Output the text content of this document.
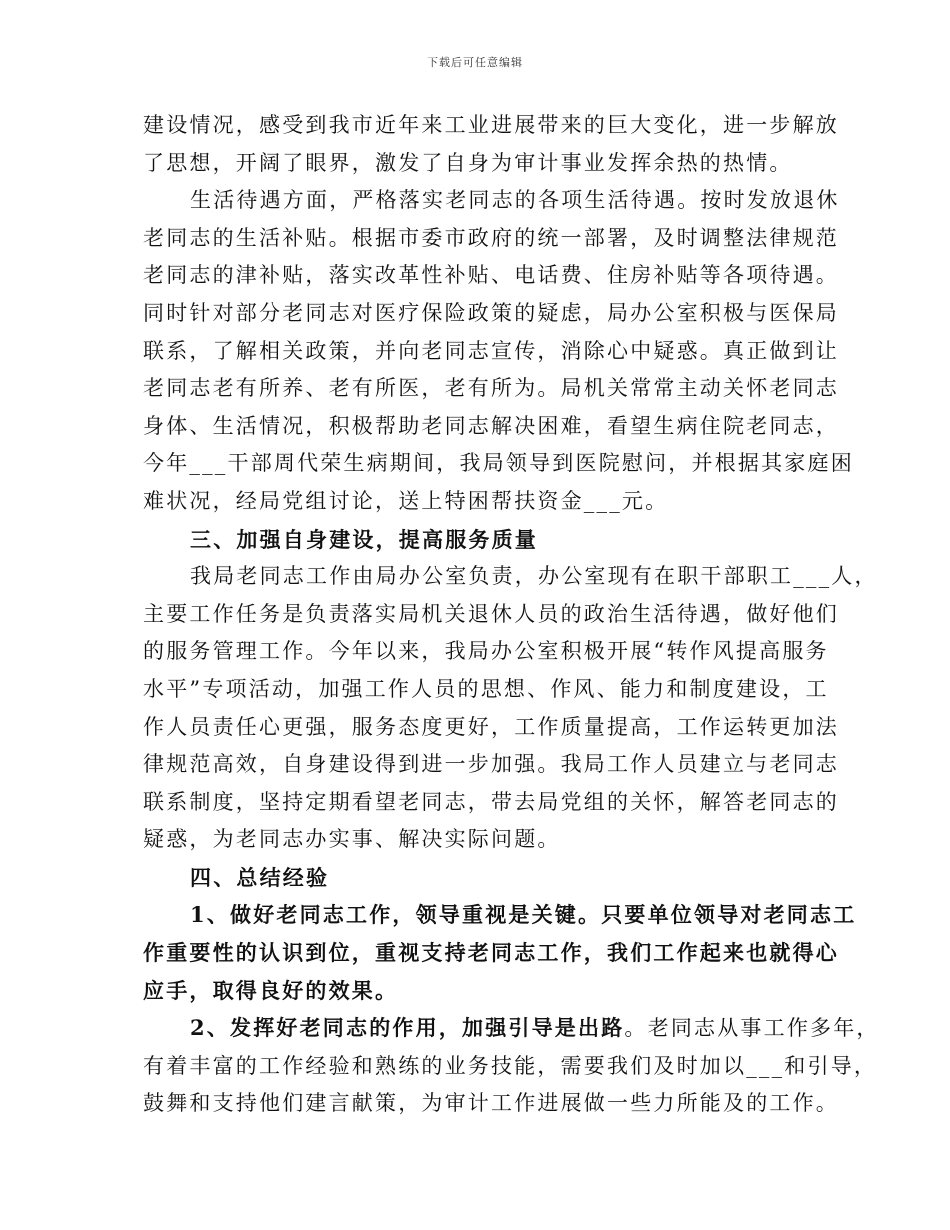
下载后可任意编辑
建设情况，感受到我市近年来工业进展带来的巨大变化，进一步解放
了思想，开阔了眼界，激发了自身为审计事业发挥余热的热情。
生活待遇方面，严格落实老同志的各项生活待遇。按时发放退休
老同志的生活补贴。根据市委市政府的统一部署，及时调整法律规范
老同志的津补贴，落实改革性补贴、电话费、住房补贴等各项待遇。
同时针对部分老同志对医疗保险政策的疑虑，局办公室积极与医保局
联系，了解相关政策，并向老同志宣传，消除心中疑惑。真正做到让
老同志老有所养、老有所医，老有所为。局机关常常主动关怀老同志
身体、生活情况，积极帮助老同志解决困难，看望生病住院老同志，
今年___干部周代荣生病期间，我局领导到医院慰问，并根据其家庭困
难状况，经局党组讨论，送上特困帮扶资金___元。
三、加强自身建设，提高服务质量
我局老同志工作由局办公室负责，办公室现有在职干部职工___人，
主要工作任务是负责落实局机关退休人员的政治生活待遇，做好他们
的服务管理工作。今年以来，我局办公室积极开展“转作风提高服务
水平”专项活动，加强工作人员的思想、作风、能力和制度建设，工
作人员责任心更强，服务态度更好，工作质量提高，工作运转更加法
律规范高效，自身建设得到进一步加强。我局工作人员建立与老同志
联系制度，坚持定期看望老同志，带去局党组的关怀，解答老同志的
疑惑，为老同志办实事、解决实际问题。
四、总结经验
1、做好老同志工作，领导重视是关键。只要单位领导对老同志工
作重要性的认识到位，重视支持老同志工作，我们工作起来也就得心
应手，取得良好的效果。
2、发挥好老同志的作用，加强引导是出路。老同志从事工作多年，
有着丰富的工作经验和熟练的业务技能，需要我们及时加以___和引导，
鼓舞和支持他们建言献策，为审计工作进展做一些力所能及的工作。
